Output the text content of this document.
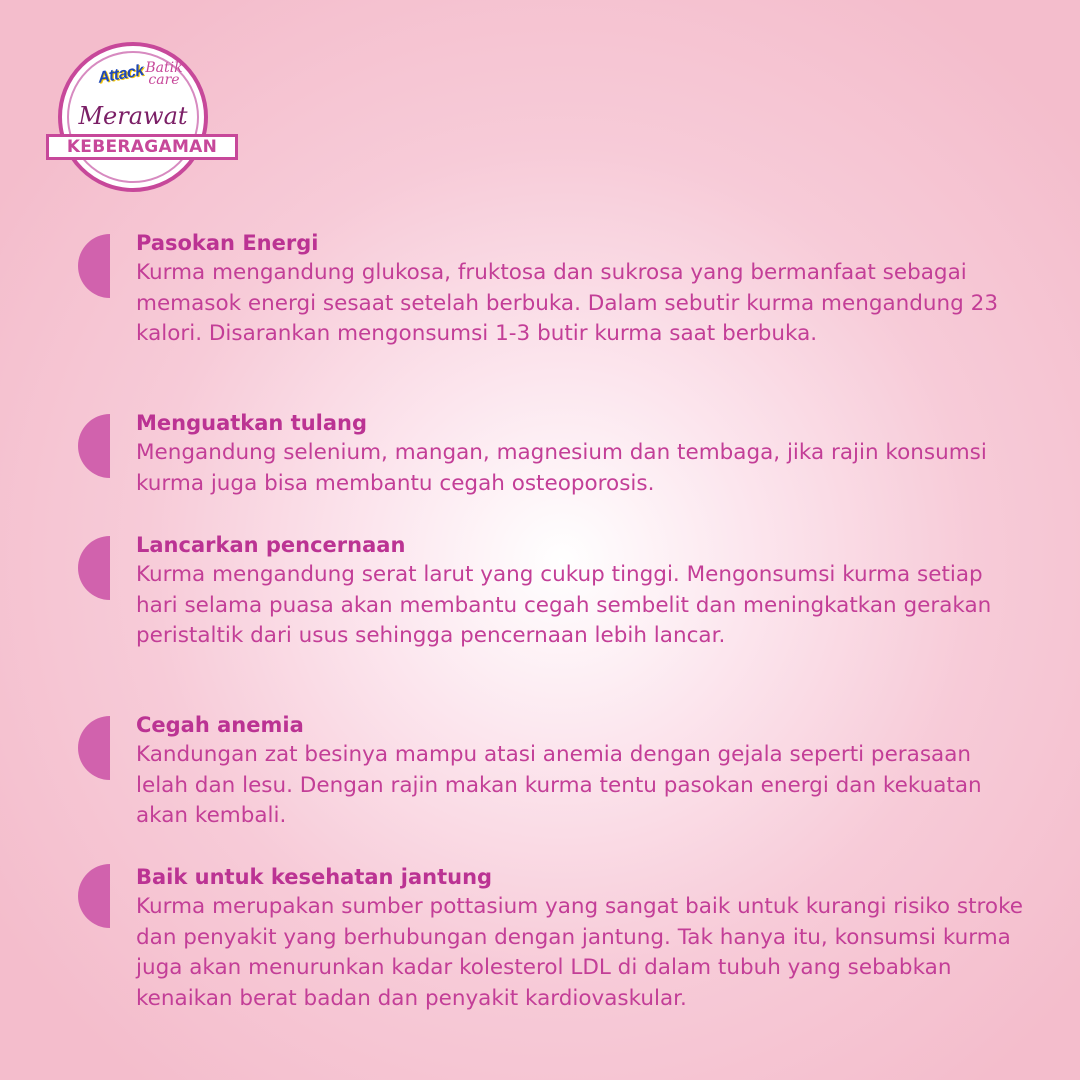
Attack Batik care
Merawat
KEBERAGAMAN
Pasokan Energi
Kurma mengandung glukosa, fruktosa dan sukrosa yang bermanfaat sebagai memasok energi sesaat setelah berbuka. Dalam sebutir kurma mengandung 23 kalori. Disarankan mengonsumsi 1-3 butir kurma saat berbuka.
Menguatkan tulang
Mengandung selenium, mangan, magnesium dan tembaga, jika rajin konsumsi kurma juga bisa membantu cegah osteoporosis.
Lancarkan pencernaan
Kurma mengandung serat larut yang cukup tinggi. Mengonsumsi kurma setiap hari selama puasa akan membantu cegah sembelit dan meningkatkan gerakan peristaltik dari usus sehingga pencernaan lebih lancar.
Cegah anemia
Kandungan zat besinya mampu atasi anemia dengan gejala seperti perasaan lelah dan lesu. Dengan rajin makan kurma tentu pasokan energi dan kekuatan akan kembali.
Baik untuk kesehatan jantung
Kurma merupakan sumber pottasium yang sangat baik untuk kurangi risiko stroke dan penyakit yang berhubungan dengan jantung. Tak hanya itu, konsumsi kurma juga akan menurunkan kadar kolesterol LDL di dalam tubuh yang sebabkan kenaikan berat badan dan penyakit kardiovaskular.
